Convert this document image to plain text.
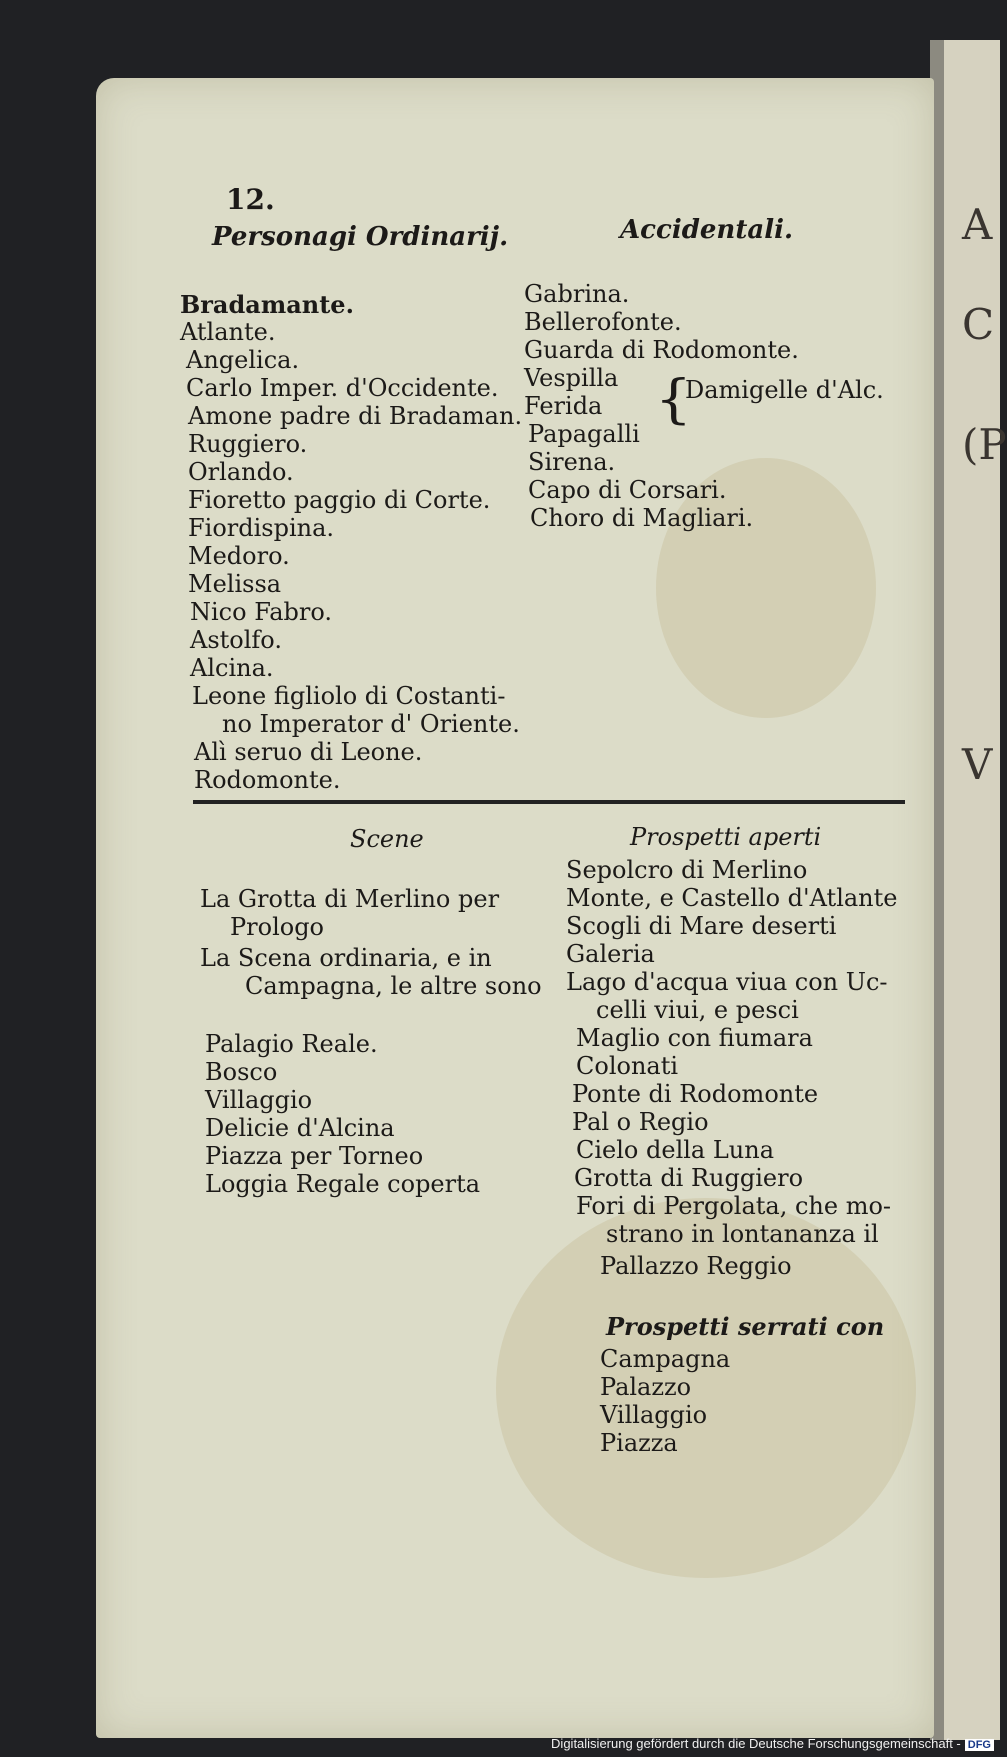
A
C
(P
V
12.
Personagi Ordinarij.	Accidentali.
Bradamante.
Atlante.
Angelica.
Carlo Imper. d'Occidente.
Amone padre di Bradaman.
Ruggiero.
Orlando.
Fioretto paggio di Corte.
Fiordispina.
Medoro.
Melissa
Nico Fabro.
Astolfo.
Alcina.
Leone figliolo di Costanti-
no Imperator d' Oriente.
Alì seruo di Leone.
Rodomonte.
Gabrina.
Bellerofonte.
Guarda di Rodomonte.
Vespilla
Ferida
Papagalli
Sirena.
Capo di Corsari.
Choro di Magliari.
{
Damigelle d'Alc.
Scene	Prospetti aperti
La Grotta di Merlino per
Prologo
La Scena ordinaria, e in
Campagna, le altre sono
Palagio Reale.
Bosco
Villaggio
Delicie d'Alcina
Piazza per Torneo
Loggia Regale coperta
Sepolcro di Merlino
Monte, e Castello d'Atlante
Scogli di Mare deserti
Galeria
Lago d'acqua viua con Uc-
celli viui, e pesci
Maglio con fiumara
Colonati
Ponte di Rodomonte
Pal o Regio
Cielo della Luna
Grotta di Ruggiero
Fori di Pergolata, che mo-
strano in lontananza il
Pallazzo Reggio
Prospetti serrati con
Campagna
Palazzo
Villaggio
Piazza
Digitalisierung gefördert durch die Deutsche Forschungsgemeinschaft - DFG
